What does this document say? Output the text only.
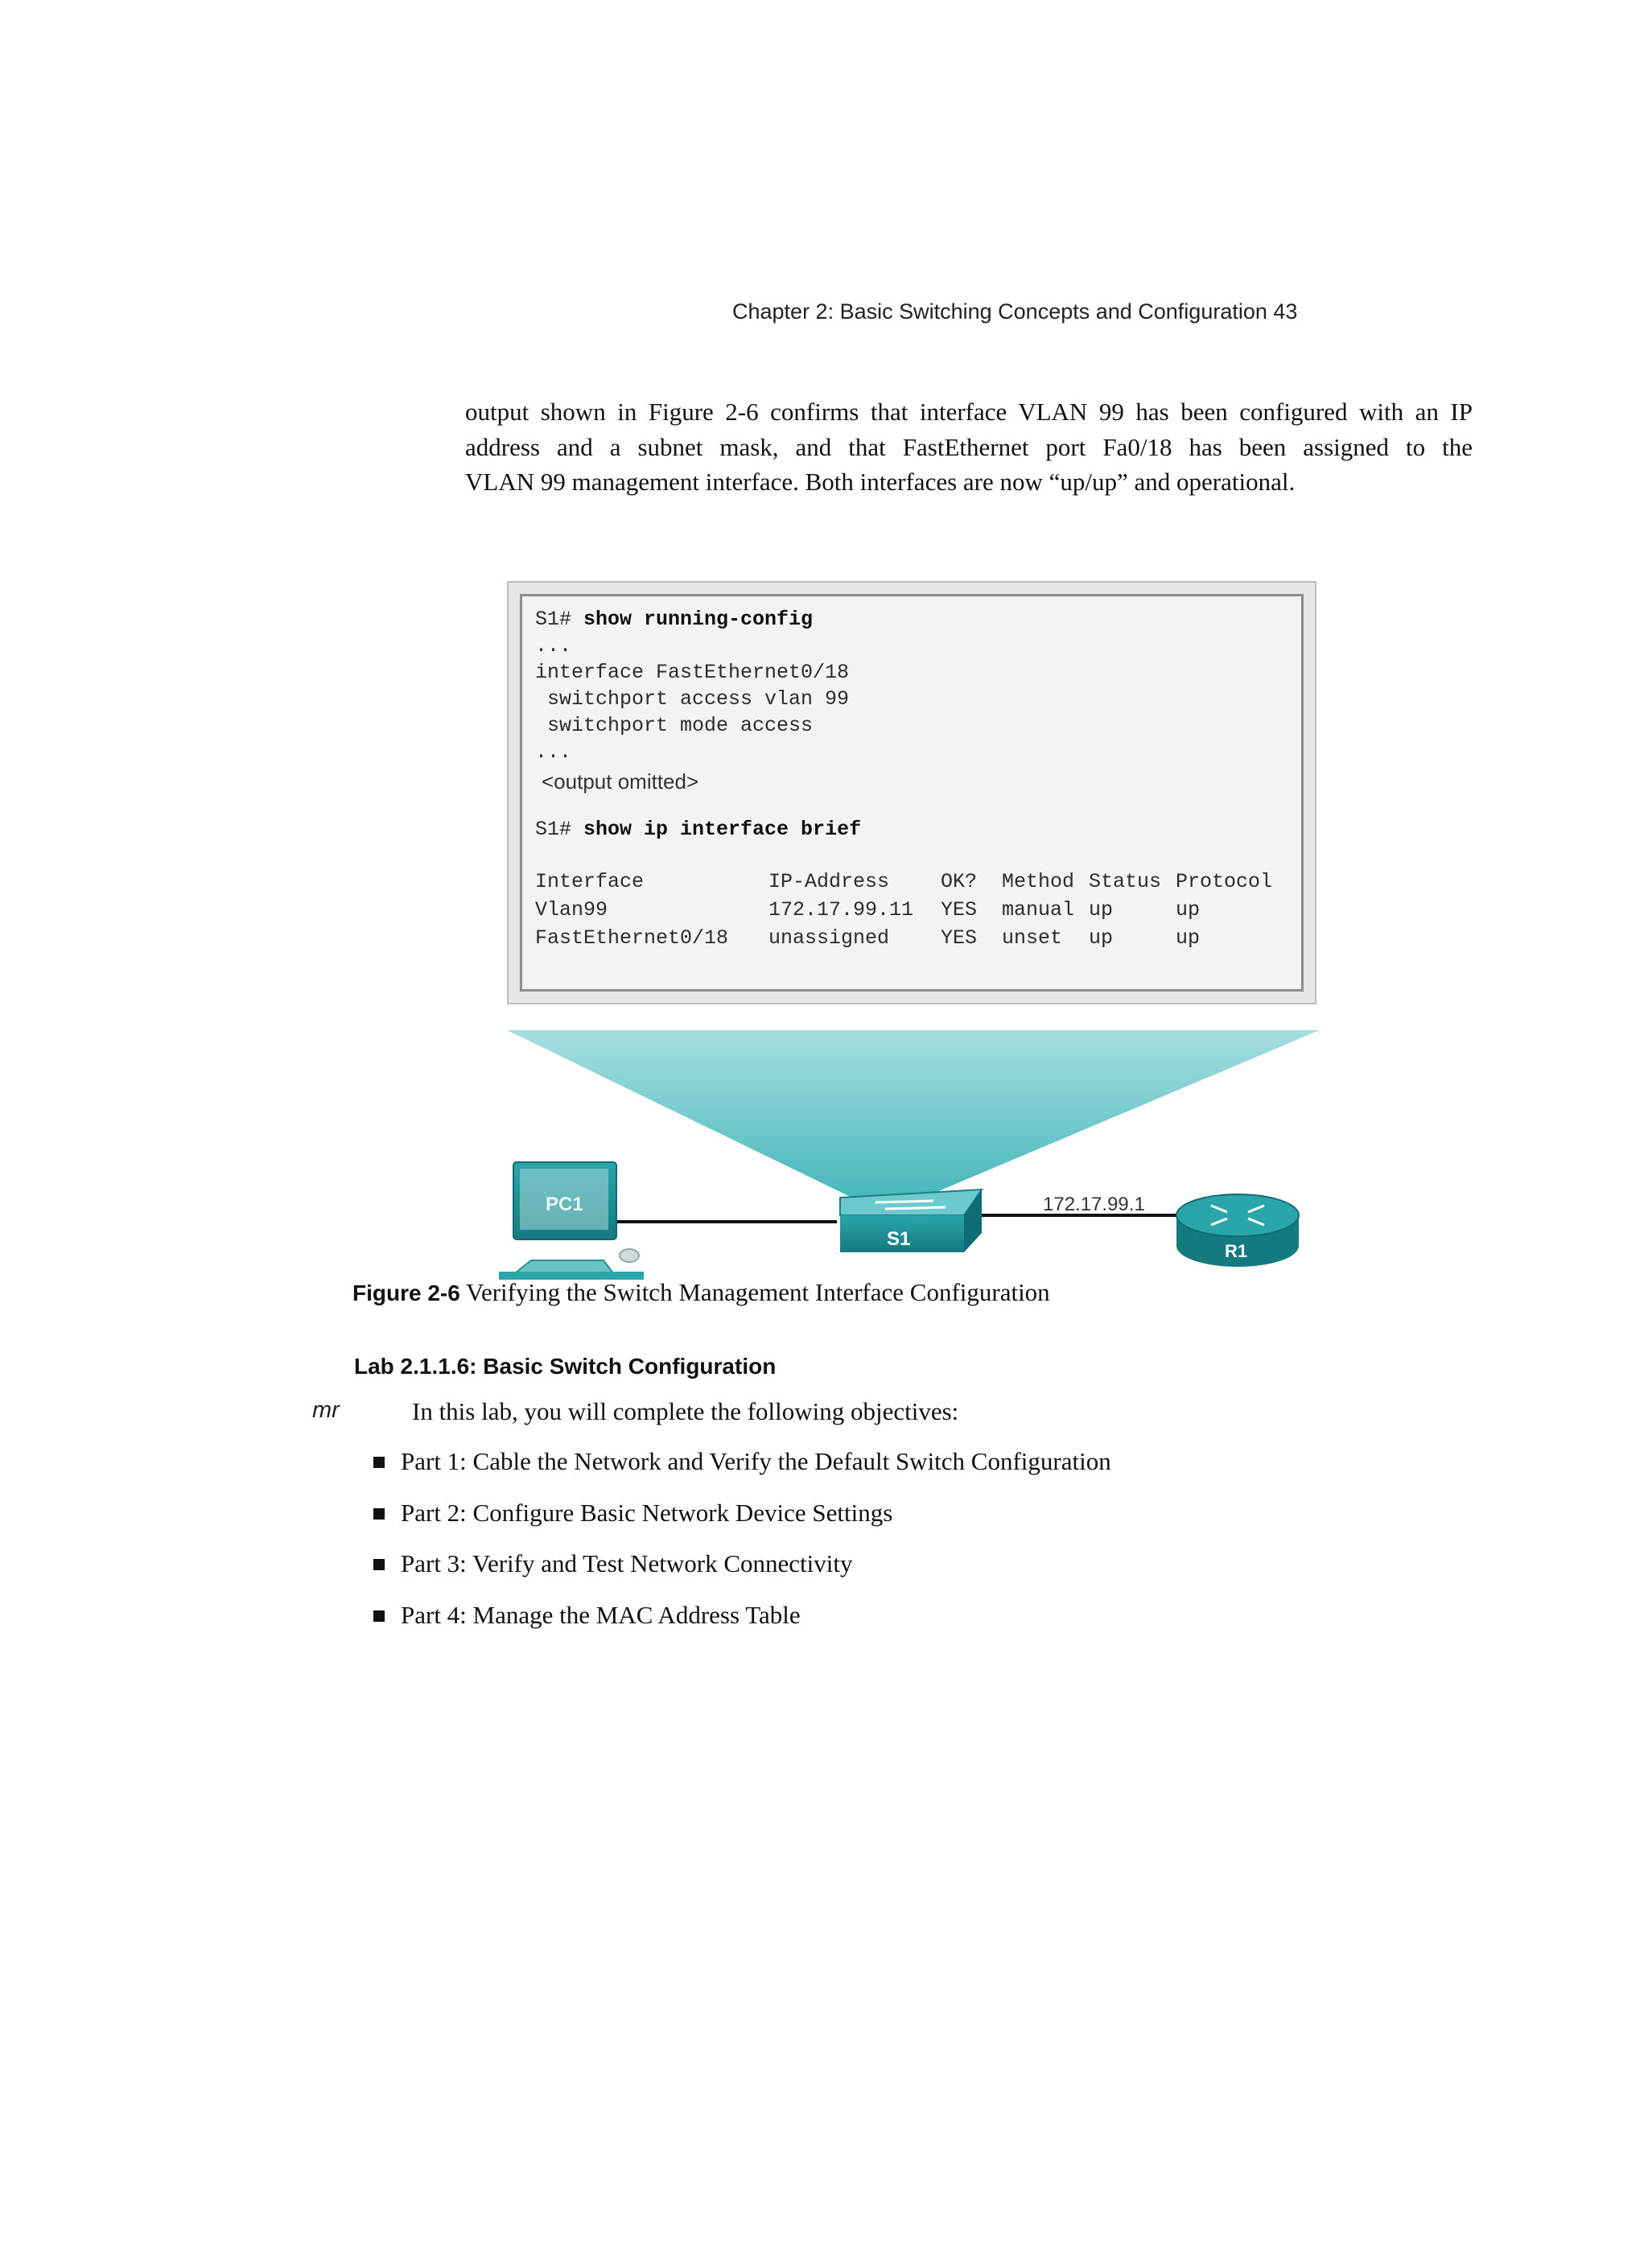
Chapter 2: Basic Switching Concepts and Configuration 43
output shown in Figure 2-6 confirms that interface VLAN 99 has been configured with an IP
address and a subnet mask, and that FastEthernet port Fa0/18 has been assigned to the
VLAN 99 management interface. Both interfaces are now “up/up” and operational.
S1# show running-config
...
interface FastEthernet0/18
switchport access vlan 99
switchport mode access
...
<output omitted>
S1# show ip interface brief
Interface	IP-Address	OK? Method Status Protocol
Vlan99	172.17.99.11 YES manual up	up
FastEthernet0/18 unassigned	YES unset up	up
PC1
S1
172.17.99.1
R1
Figure 2-6 Verifying the Switch Management Interface Configuration
Lab 2.1.1.6: Basic Switch Configuration
mr	In this lab, you will complete the following objectives:
Part 1: Cable the Network and Verify the Default Switch Configuration
Part 2: Configure Basic Network Device Settings
Part 3: Verify and Test Network Connectivity
Part 4: Manage the MAC Address Table
